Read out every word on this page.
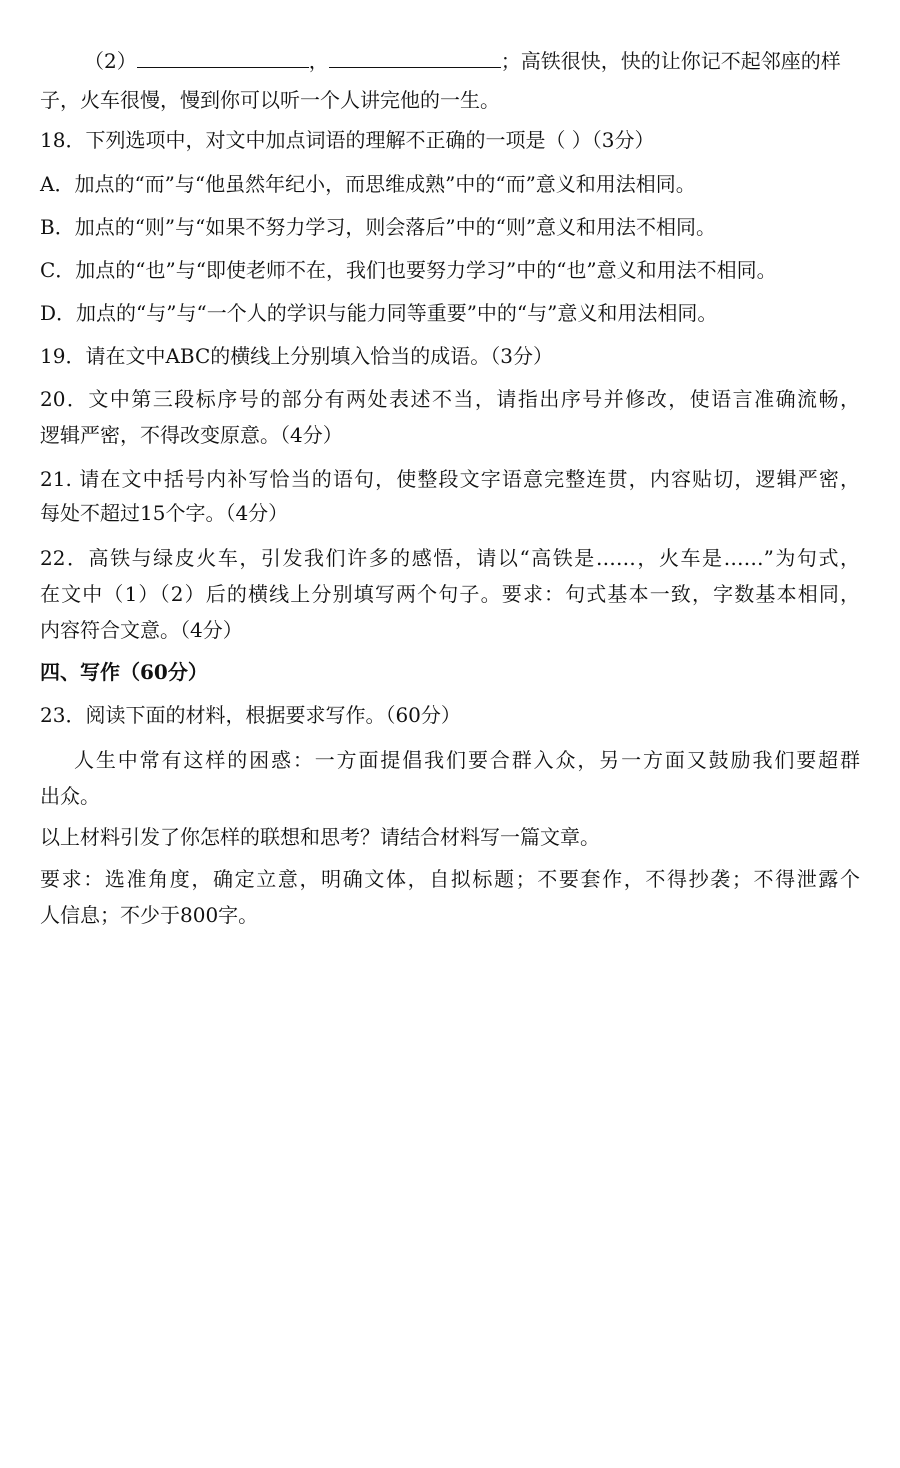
（2）	，	；高铁很快，快的让你记不起邻座的样
子，火车很慢，慢到你可以听一个人讲完他的一生。
18．下列选项中，对文中加点词语的理解不正确的一项是（ ）（3分）
A．加点的“而”与“他虽然年纪小，而思维成熟”中的“而”意义和用法相同。
B．加点的“则”与“如果不努力学习，则会落后”中的“则”意义和用法不相同。
C．加点的“也”与“即使老师不在，我们也要努力学习”中的“也”意义和用法不相同。
D．加点的“与”与“一个人的学识与能力同等重要”中的“与”意义和用法相同。
19．请在文中ABC的横线上分别填入恰当的成语。（3分）
20．文中第三段标序号的部分有两处表述不当，请指出序号并修改，使语言准确流畅，
逻辑严密，不得改变原意。（4分）
21. 请在文中括号内补写恰当的语句，使整段文字语意完整连贯，内容贴切，逻辑严密，
每处不超过15个字。（4分）
22．高铁与绿皮火车，引发我们许多的感悟，请以“高铁是……，火车是……”为句式，
在文中（1）（2）后的横线上分别填写两个句子。要求：句式基本一致，字数基本相同，
内容符合文意。（4分）
四、写作（60分）
23．阅读下面的材料，根据要求写作。（60分）
人生中常有这样的困惑：一方面提倡我们要合群入众，另一方面又鼓励我们要超群
出众。
以上材料引发了你怎样的联想和思考？请结合材料写一篇文章。
要求：选准角度，确定立意，明确文体，自拟标题；不要套作，不得抄袭；不得泄露个
人信息；不少于800字。
